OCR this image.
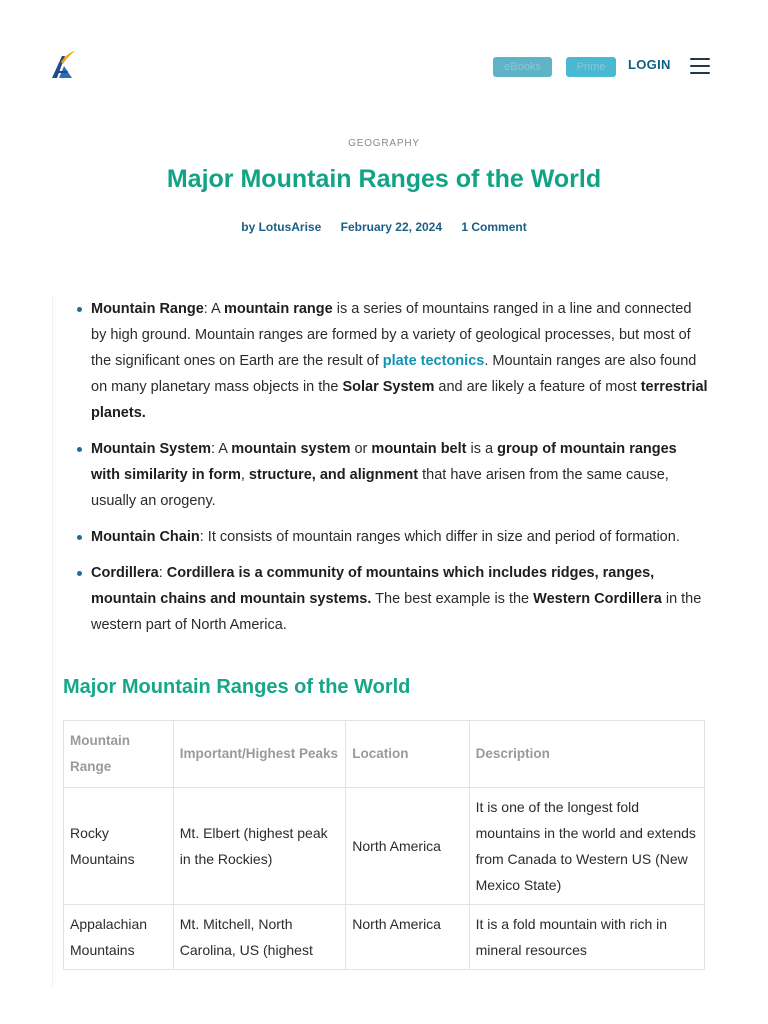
eBooks	Prime	LOGIN
GEOGRAPHY
Major Mountain Ranges of the World
by LotusArise February 22, 2024 1 Comment
Mountain Range: A mountain range is a series of mountains ranged in a line and connected by high ground. Mountain ranges are formed by a variety of geological processes, but most of the significant ones on Earth are the result of plate tectonics. Mountain ranges are also found on many planetary mass objects in the Solar System and are likely a feature of most terrestrial planets.
Mountain System: A mountain system or mountain belt is a group of mountain ranges with similarity in form, structure, and alignment that have arisen from the same cause, usually an orogeny.
Mountain Chain: It consists of mountain ranges which differ in size and period of formation.
Cordillera: Cordillera is a community of mountains which includes ridges, ranges, mountain chains and mountain systems. The best example is the Western Cordillera in the western part of North America.
Major Mountain Ranges of the World
Mountain Range	Important/Highest Peaks	Location	Description
Rocky Mountains	Mt. Elbert (highest peak in the Rockies)	North America	It is one of the longest fold mountains in the world and extends from Canada to Western US (New Mexico State)
Appalachian Mountains	Mt. Mitchell, North Carolina, US (highest	North America	It is a fold mountain with rich in mineral resources
